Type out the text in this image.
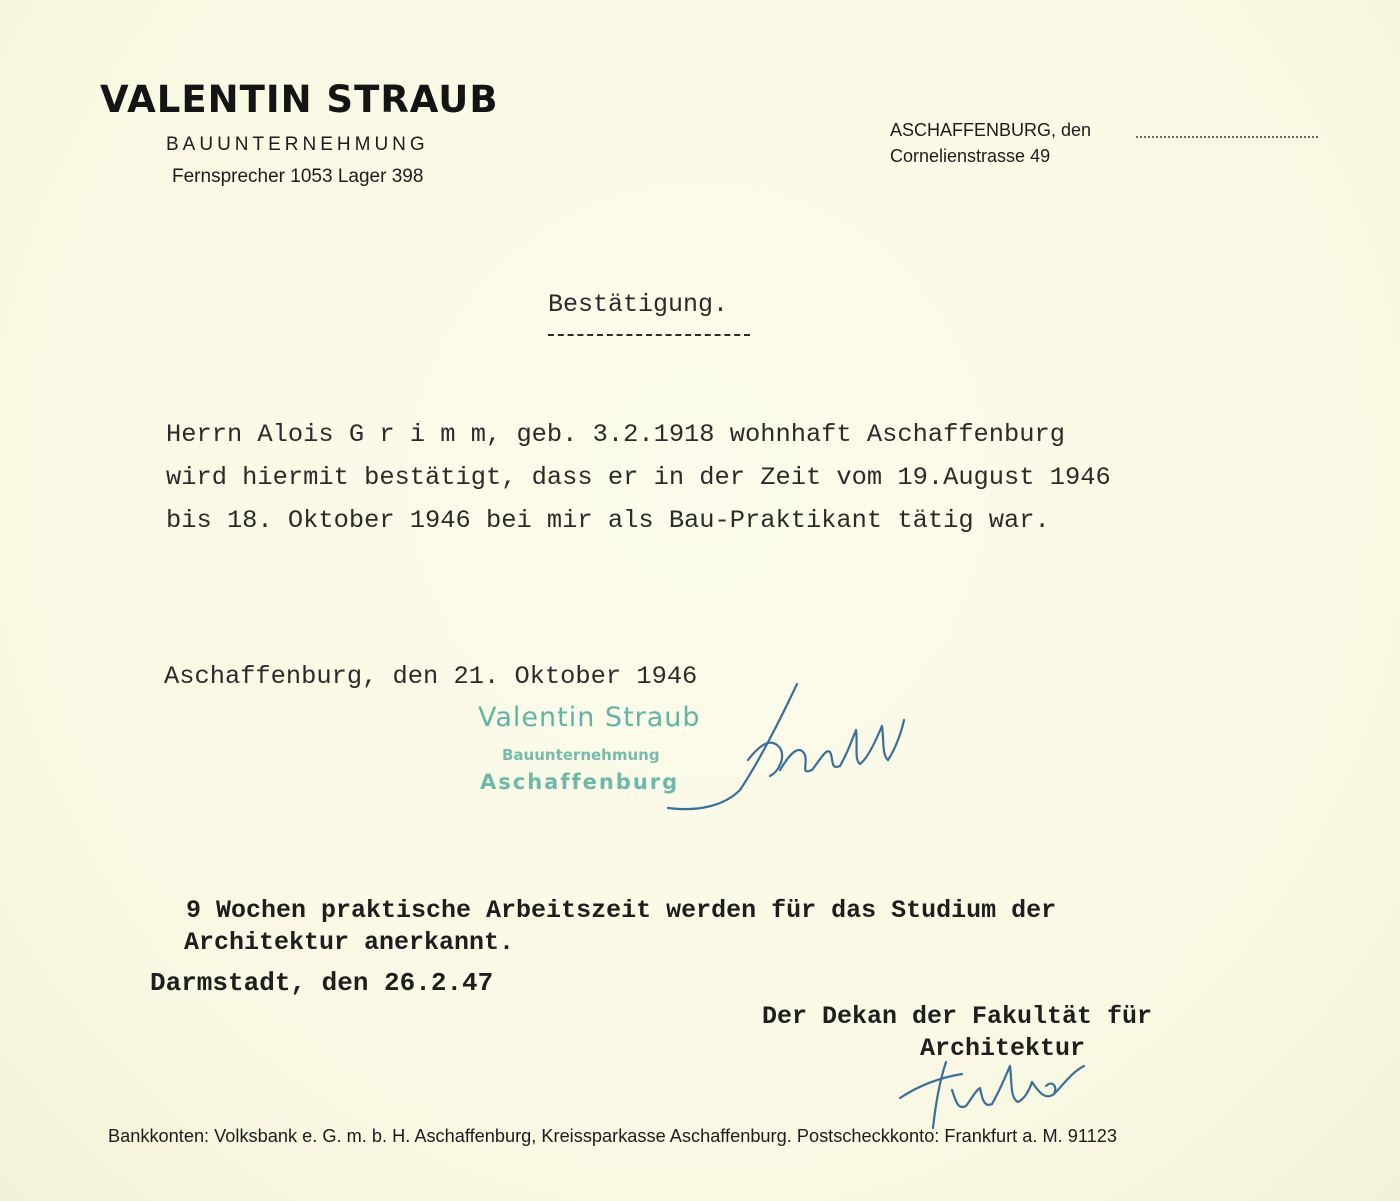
VALENTIN STRAUB
BAUUNTERNEHMUNG
Fernsprecher 1053 Lager 398
ASCHAFFENBURG, den
Cornelienstrasse 49
Bestätigung.
Herrn Alois G r i m m, geb. 3.2.1918 wohnhaft Aschaffenburg
wird hiermit bestätigt, dass er in der Zeit vom 19.August 1946
bis 18. Oktober 1946 bei mir als Bau-Praktikant tätig war.
Aschaffenburg, den 21. Oktober 1946
Valentin Straub
Bauunternehmung
Aschaffenburg
9 Wochen praktische Arbeitszeit werden für das Studium der
Architektur anerkannt.
Darmstadt, den 26.2.47
Der Dekan der Fakultät für
Architektur
Bankkonten: Volksbank e. G. m. b. H. Aschaffenburg, Kreissparkasse Aschaffenburg. Postscheckkonto: Frankfurt a. M. 91123
